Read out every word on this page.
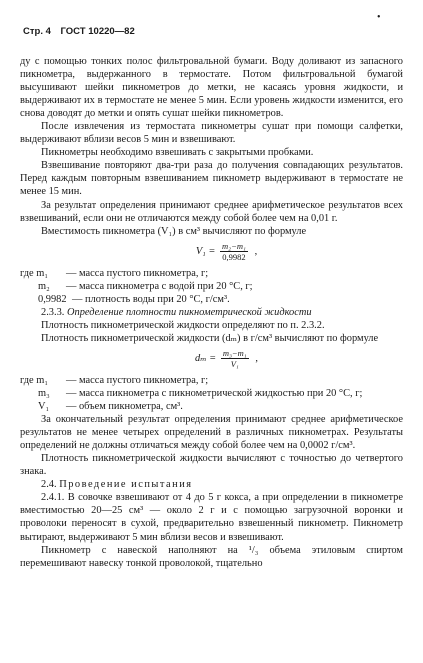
•
Стр. 4 ГОСТ 10220—82

ду с помощью тонких полос фильтровальной бумаги. Воду доливают из запасного пикнометра, выдержанного в термостате. Потом фильтровальной бумагой высушивают шейки пикнометров до метки, не касаясь уровня жидкости, и выдерживают их в термостате не менее 5 мин. Если уровень жидкости изменится, его снова доводят до метки и опять сушат шейки пикнометров.

После извлечения из термостата пикнометры сушат при помощи салфетки, выдерживают вблизи весов 5 мин и взвешивают.

Пикнометры необходимо взвешивать с закрытыми пробками.

Взвешивание повторяют два-три раза до получения совпадающих результатов. Перед каждым повторным взвешиванием пикнометр выдерживают в термостате не менее 15 мин.

За результат определения принимают среднее арифметическое результатов всех взвешиваний, если они не отличаются между собой более чем на 0,01 г.

Вместимость пикнометра (V₁) в см³ вычисляют по формуле

$V_1 = \frac{\text{m₂−m₁}}{0,9982}$ ,
где m₁	— масса пустого пикнометра, г;
m₂	— масса пикнометра с водой при 20 °С, г;
0,9982 — плотность воды при 20 °С, г/см³.

2.3.3. Определение плотности пикнометрической жидкости

Плотность пикнометрической жидкости определяют по п. 2.3.2.

Плотность пикнометрической жидкости (dₘ) в г/см³ вычисляют по формуле

$d_m = \frac{\text{m₃−m₁}}{\text{V₁}}$ ,
где m₁	— масса пустого пикнометра, г;
m₃	— масса пикнометра с пикнометрической жидкостью при 20 °С, г;
V₁	— объем пикнометра, см³.

За окончательный результат определения принимают среднее арифметическое результатов не менее четырех определений в различных пикнометрах. Результаты определений не должны отличаться между собой более чем на 0,0002 г/см³.

Плотность пикнометрической жидкости вычисляют с точностью до четвертого знака.

2.4. Проведение испытания

2.4.1. В совочке взвешивают от 4 до 5 г кокса, а при определении в пикнометре вместимостью 20—25 см³ — около 2 г и с помощью загрузочной воронки и проволоки переносят в сухой, предварительно взвешенный пикнометр. Пикнометр вытирают, выдерживают 5 мин вблизи весов и взвешивают.

Пикнометр с навеской наполняют на ¹/₃ объема этиловым спиртом перемешивают навеску тонкой проволокой, тщательно
